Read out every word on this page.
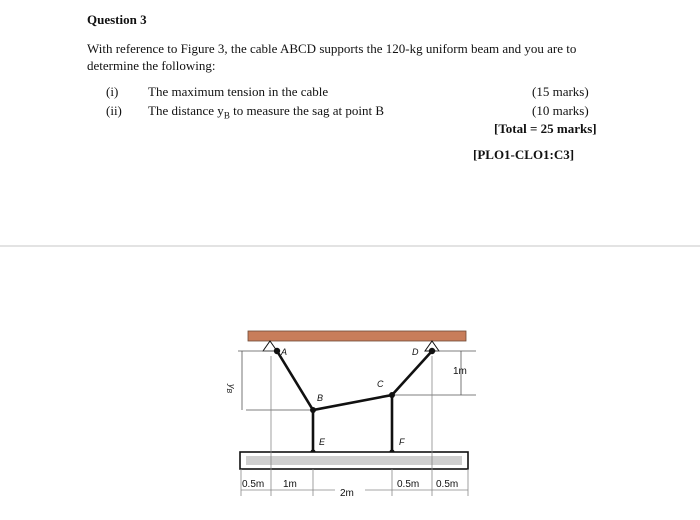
Question 3
With reference to Figure 3, the cable ABCD supports the 120-kg uniform beam and you are to determine the following:
(i) The maximum tension in the cable	(15 marks)
(ii) The distance $y_B$ to measure the sag at point B	(10 marks)
[Total = 25 marks]
[PLO1-CLO1:C3]
A
B
C
D
E	F
$y_B$
1m
0.5m 1m
2m
0.5m 0.5m
